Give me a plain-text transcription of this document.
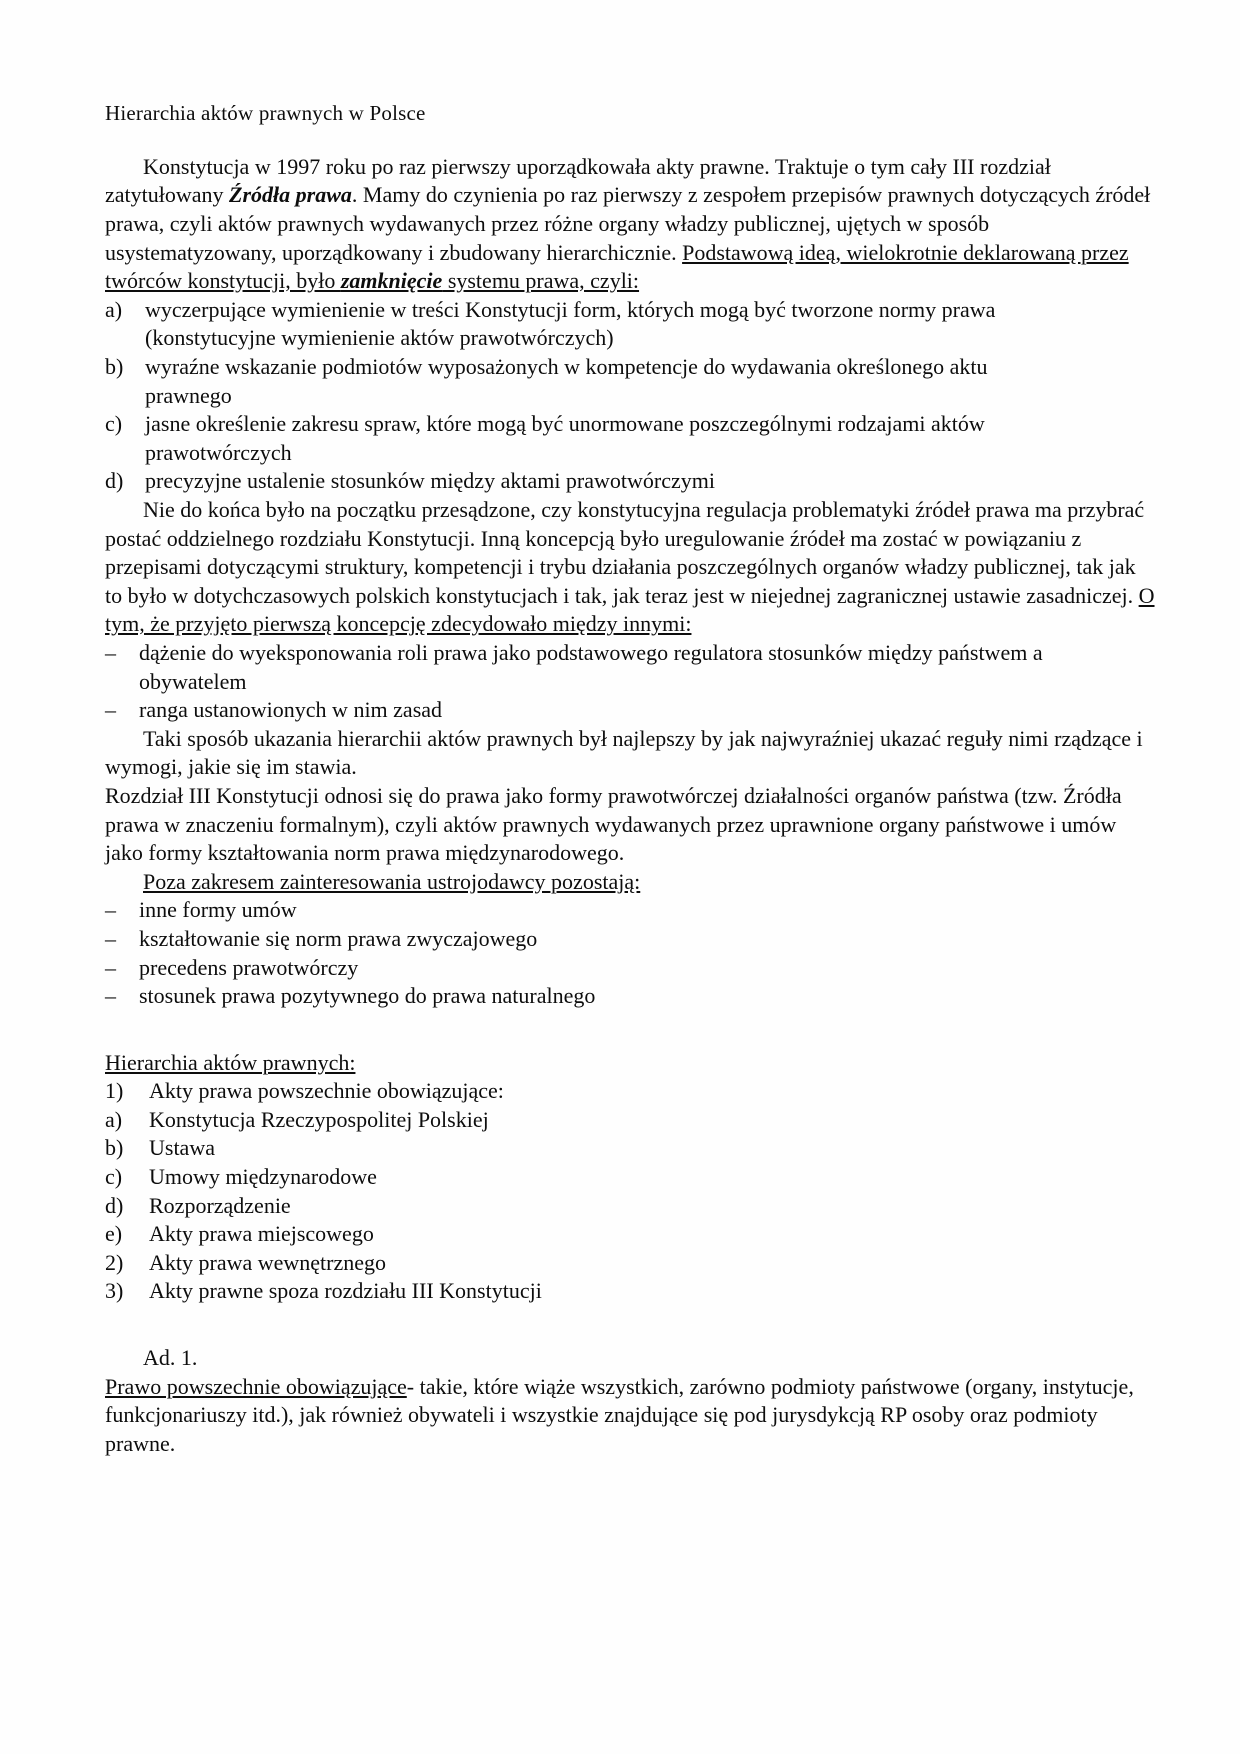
Hierarchia aktów prawnych w Polsce

Konstytucja w 1997 roku po raz pierwszy uporządkowała akty prawne. Traktuje o tym cały III rozdział zatytułowany Źródła prawa. Mamy do czynienia po raz pierwszy z zespołem przepisów prawnych dotyczących źródeł prawa, czyli aktów prawnych wydawanych przez różne organy władzy publicznej, ujętych w sposób usystematyzowany, uporządkowany i zbudowany hierarchicznie. Podstawową ideą, wielokrotnie deklarowaną przez twórców konstytucji, było zamknięcie systemu prawa, czyli:

a)	wyczerpujące wymienienie w treści Konstytucji form, których mogą być tworzone normy prawa (konstytucyjne wymienienie aktów prawotwórczych)
b) wyraźne wskazanie podmiotów wyposażonych w kompetencje do wydawania określonego aktu prawnego
c)	jasne określenie zakresu spraw, które mogą być unormowane poszczególnymi rodzajami aktów prawotwórczych
d) precyzyjne ustalenie stosunków między aktami prawotwórczymi

Nie do końca było na początku przesądzone, czy konstytucyjna regulacja problematyki źródeł prawa ma przybrać postać oddzielnego rozdziału Konstytucji. Inną koncepcją było uregulowanie źródeł ma zostać w powiązaniu z przepisami dotyczącymi struktury, kompetencji i trybu działania poszczególnych organów władzy publicznej, tak jak to było w dotychczasowych polskich konstytucjach i tak, jak teraz jest w niejednej zagranicznej ustawie zasadniczej. O tym, że przyjęto pierwszą koncepcję zdecydowało między innymi:

–	dążenie do wyeksponowania roli prawa jako podstawowego regulatora stosunków między państwem a obywatelem
–	ranga ustanowionych w nim zasad

Taki sposób ukazania hierarchii aktów prawnych był najlepszy by jak najwyraźniej ukazać reguły nimi rządzące i wymogi, jakie się im stawia.

Rozdział III Konstytucji odnosi się do prawa jako formy prawotwórczej działalności organów państwa (tzw. Źródła prawa w znaczeniu formalnym), czyli aktów prawnych wydawanych przez uprawnione organy państwowe i umów jako formy kształtowania norm prawa międzynarodowego.

Poza zakresem zainteresowania ustrojodawcy pozostają:
–	inne formy umów
–	kształtowanie się norm prawa zwyczajowego
–	precedens prawotwórczy
–	stosunek prawa pozytywnego do prawa naturalnego
Hierarchia aktów prawnych:
1)	Akty prawa powszechnie obowiązujące:
a)	Konstytucja Rzeczypospolitej Polskiej
b)	Ustawa
c)	Umowy międzynarodowe
d)	Rozporządzenie
e)	Akty prawa miejscowego
2)	Akty prawa wewnętrznego
3)	Akty prawne spoza rozdziału III Konstytucji

Ad. 1.

Prawo powszechnie obowiązujące- takie, które wiąże wszystkich, zarówno podmioty państwowe (organy, instytucje, funkcjonariuszy itd.), jak również obywateli i wszystkie znajdujące się pod jurysdykcją RP osoby oraz podmioty prawne.
